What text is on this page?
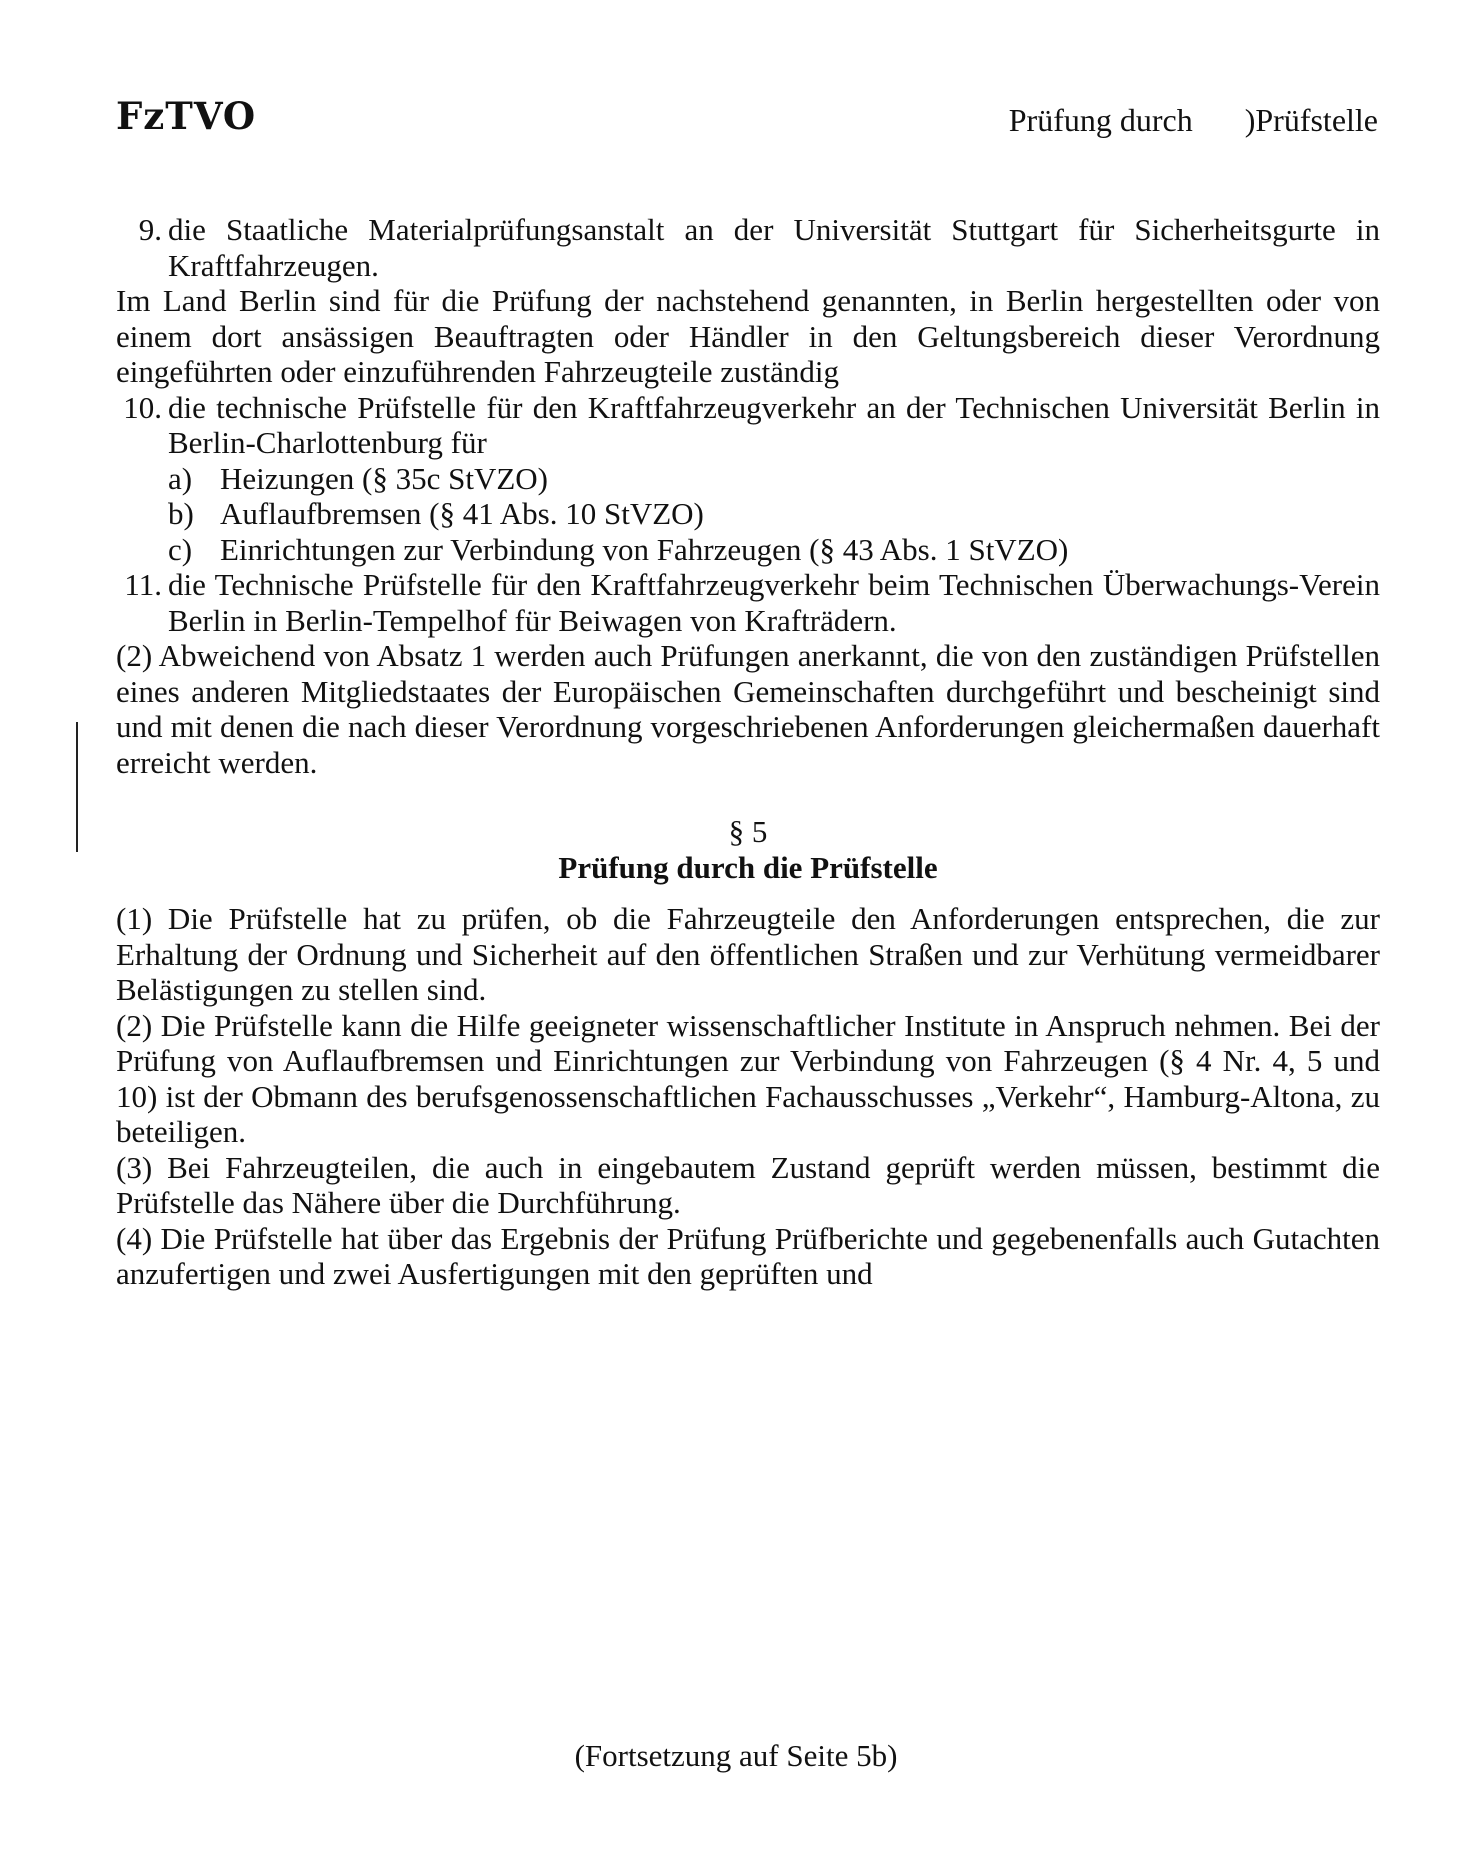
FzTVO	Prüfung durch )Prüfstelle
9. die Staatliche Materialprüfungsanstalt an der Universität Stuttgart für Sicherheitsgurte in Kraftfahrzeugen.

Im Land Berlin sind für die Prüfung der nachstehend genannten, in Berlin hergestellten oder von einem dort ansässigen Beauftragten oder Händler in den Geltungsbereich dieser Verordnung eingeführten oder einzuführenden Fahrzeugteile zuständig

10. die technische Prüfstelle für den Kraftfahrzeugverkehr an der Technischen Universität Berlin in Berlin-Charlottenburg für
a) Heizungen (§ 35c StVZO)
b) Auflaufbremsen (§ 41 Abs. 10 StVZO)
c) Einrichtungen zur Verbindung von Fahrzeugen (§ 43 Abs. 1 StVZO)
11. die Technische Prüfstelle für den Kraftfahrzeugverkehr beim Technischen Überwachungs-Verein Berlin in Berlin-Tempelhof für Beiwagen von Krafträdern.

(2) Abweichend von Absatz 1 werden auch Prüfungen anerkannt, die von den zuständigen Prüfstellen eines anderen Mitgliedstaates der Europäischen Gemeinschaften durchgeführt und bescheinigt sind und mit denen die nach dieser Verordnung vorgeschriebenen Anforderungen gleichermaßen dauerhaft erreicht werden.

§ 5
Prüfung durch die Prüfstelle

(1) Die Prüfstelle hat zu prüfen, ob die Fahrzeugteile den Anforderungen entsprechen, die zur Erhaltung der Ordnung und Sicherheit auf den öffentlichen Straßen und zur Verhütung vermeidbarer Belästigungen zu stellen sind.

(2) Die Prüfstelle kann die Hilfe geeigneter wissenschaftlicher Institute in Anspruch nehmen. Bei der Prüfung von Auflaufbremsen und Einrichtungen zur Verbindung von Fahrzeugen (§ 4 Nr. 4, 5 und 10) ist der Obmann des berufsgenossenschaftlichen Fachausschusses „Verkehr“, Hamburg-Altona, zu beteiligen.

(3) Bei Fahrzeugteilen, die auch in eingebautem Zustand geprüft werden müssen, bestimmt die Prüfstelle das Nähere über die Durchführung.

(4) Die Prüfstelle hat über das Ergebnis der Prüfung Prüfberichte und gegebenenfalls auch Gutachten anzufertigen und zwei Ausfertigungen mit den geprüften und

(Fortsetzung auf Seite 5b)
